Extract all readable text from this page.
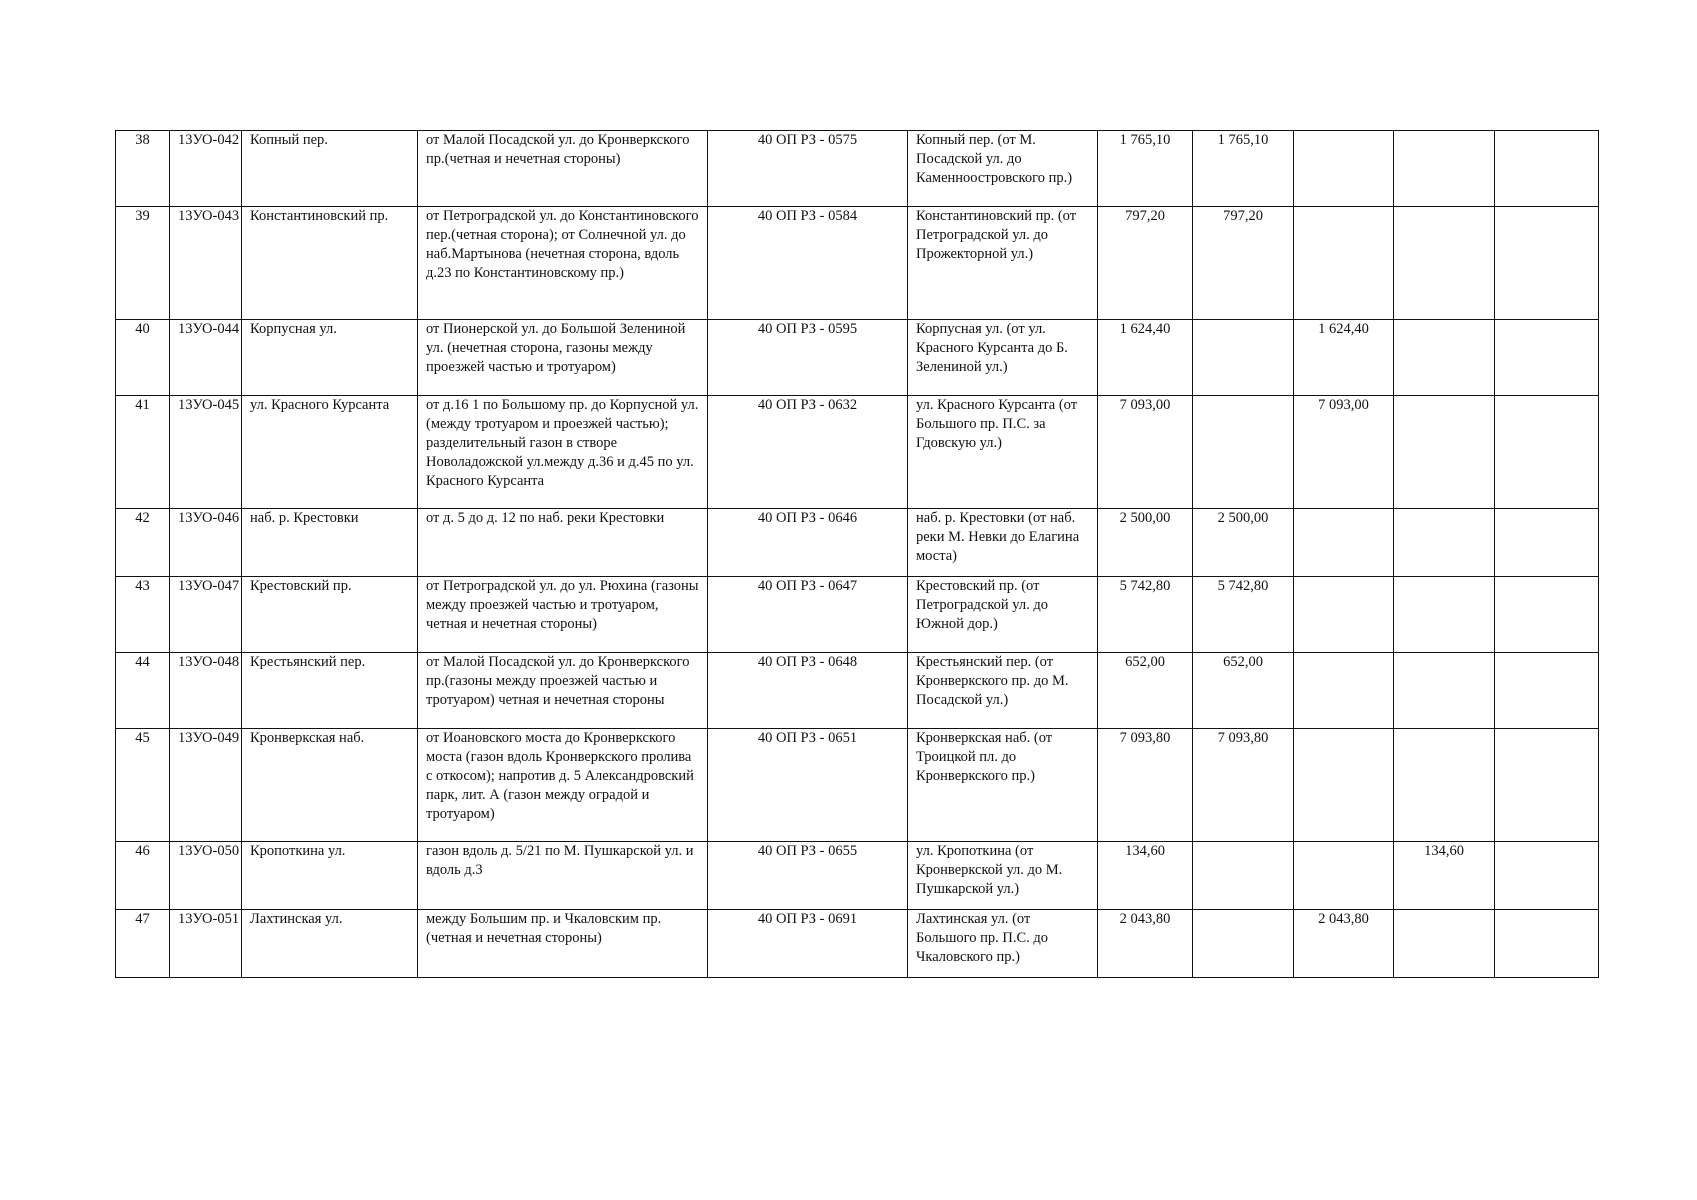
38	13УО-042	Копный пер.	от Малой Посадской ул. до Кронверкского пр.(четная и нечетная стороны)	40 ОП РЗ - 0575	Копный пер. (от М. Посадской ул. до Каменноостровского пр.)	1 765,10	1 765,10			
39	13УО-043	Константиновский пр.	от Петроградской ул. до Константиновского пер.(четная сторона); от Солнечной ул. до наб.Мартынова (нечетная сторона, вдоль д.23 по Константиновскому пр.)	40 ОП РЗ - 0584	Константиновский пр. (от Петроградской ул. до Прожекторной ул.)	797,20	797,20			
40	13УО-044	Корпусная ул.	от Пионерской ул. до Большой Зелениной ул. (нечетная сторона, газоны между проезжей частью и тротуаром)	40 ОП РЗ - 0595	Корпусная ул. (от ул. Красного Курсанта до Б. Зелениной ул.)	1 624,40		1 624,40		
41	13УО-045	ул. Красного Курсанта	от д.16 1 по Большому пр. до Корпусной ул. (между тротуаром и проезжей частью); разделительный газон в створе Новоладожской ул.между д.36 и д.45 по ул. Красного Курсанта	40 ОП РЗ - 0632	ул. Красного Курсанта (от Большого пр. П.С. за Гдовскую ул.)	7 093,00		7 093,00		
42	13УО-046	наб. р. Крестовки	от д. 5 до д. 12 по наб. реки Крестовки	40 ОП РЗ - 0646	наб. р. Крестовки (от наб. реки М. Невки до Елагина моста)	2 500,00	2 500,00			
43	13УО-047	Крестовский пр.	от Петроградской ул. до ул. Рюхина (газоны между проезжей частью и тротуаром, четная и нечетная стороны)	40 ОП РЗ - 0647	Крестовский пр. (от Петроградской ул. до Южной дор.)	5 742,80	5 742,80			
44	13УО-048	Крестьянский пер.	от Малой Посадской ул. до Кронверкского пр.(газоны между проезжей частью и тротуаром) четная и нечетная стороны	40 ОП РЗ - 0648	Крестьянский пер. (от Кронверкского пр. до М. Посадской ул.)	652,00	652,00			
45	13УО-049	Кронверкская наб.	от Иоановского моста до Кронверкского моста (газон вдоль Кронверкского пролива с откосом); напротив д. 5 Александровский парк, лит. А (газон между оградой и тротуаром)	40 ОП РЗ - 0651	Кронверкская наб. (от Троицкой пл. до Кронверкского пр.)	7 093,80	7 093,80			
46	13УО-050	Кропоткина ул.	газон вдоль д. 5/21 по М. Пушкарской ул. и вдоль д.3	40 ОП РЗ - 0655	ул. Кропоткина (от Кронверкской ул. до М. Пушкарской ул.)	134,60			134,60	
47	13УО-051	Лахтинская ул.	между Большим пр. и Чкаловским пр.(четная и нечетная стороны)	40 ОП РЗ - 0691	Лахтинская ул. (от Большого пр. П.С. до Чкаловского пр.)	2 043,80		2 043,80		
